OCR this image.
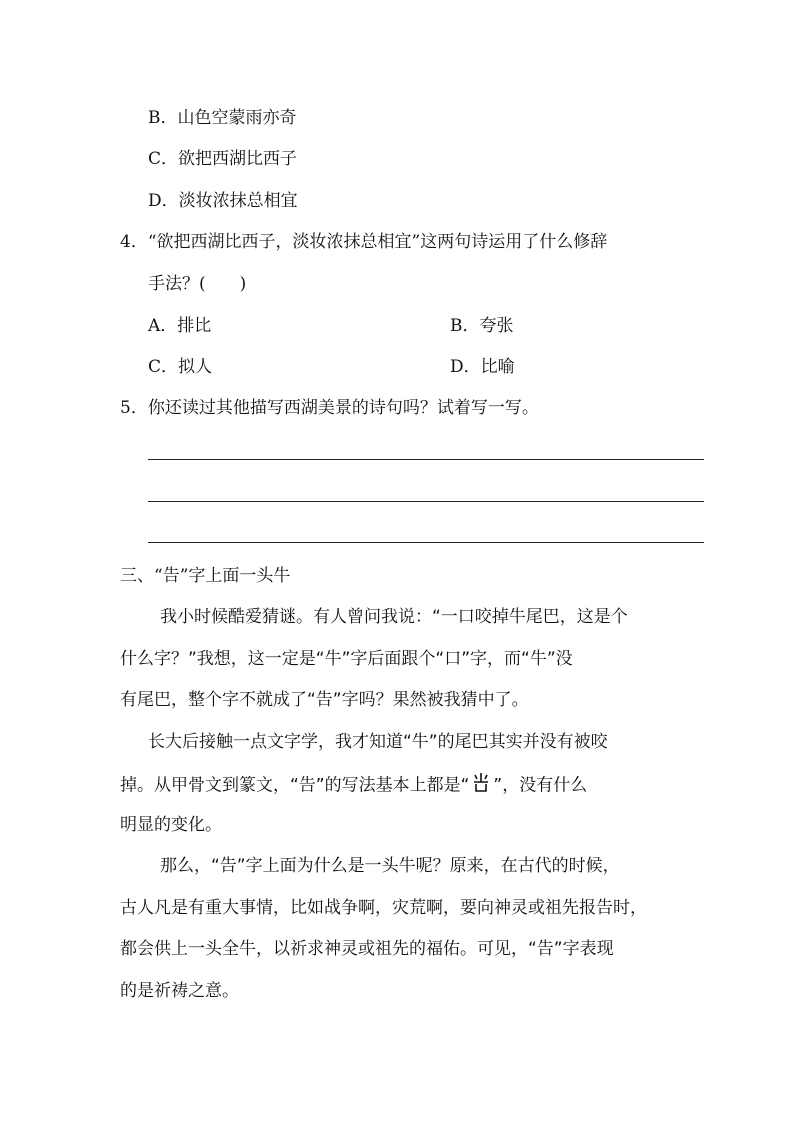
B．山色空蒙雨亦奇
C．欲把西湖比西子
D．淡妆浓抹总相宜
4．“欲把西湖比西子，淡妆浓抹总相宜”这两句诗运用了什么修辞
手法？(　　)
A．排比	B．夸张
C．拟人	D．比喻
5．你还读过其他描写西湖美景的诗句吗？试着写一写。
三、“告”字上面一头牛
我小时候酷爱猜谜。有人曾问我说：“一口咬掉牛尾巴，这是个
什么字？”我想，这一定是“牛”字后面跟个“口”字，而“牛”没
有尾巴，整个字不就成了“告”字吗？果然被我猜中了。
长大后接触一点文字学，我才知道“牛”的尾巴其实并没有被咬
掉。从甲骨文到篆文，“告”的写法基本上都是“ ”，没有什么
明显的变化。
那么，“告”字上面为什么是一头牛呢？原来，在古代的时候，
古人凡是有重大事情，比如战争啊，灾荒啊，要向神灵或祖先报告时，
都会供上一头全牛，以祈求神灵或祖先的福佑。可见，“告”字表现
的是祈祷之意。
